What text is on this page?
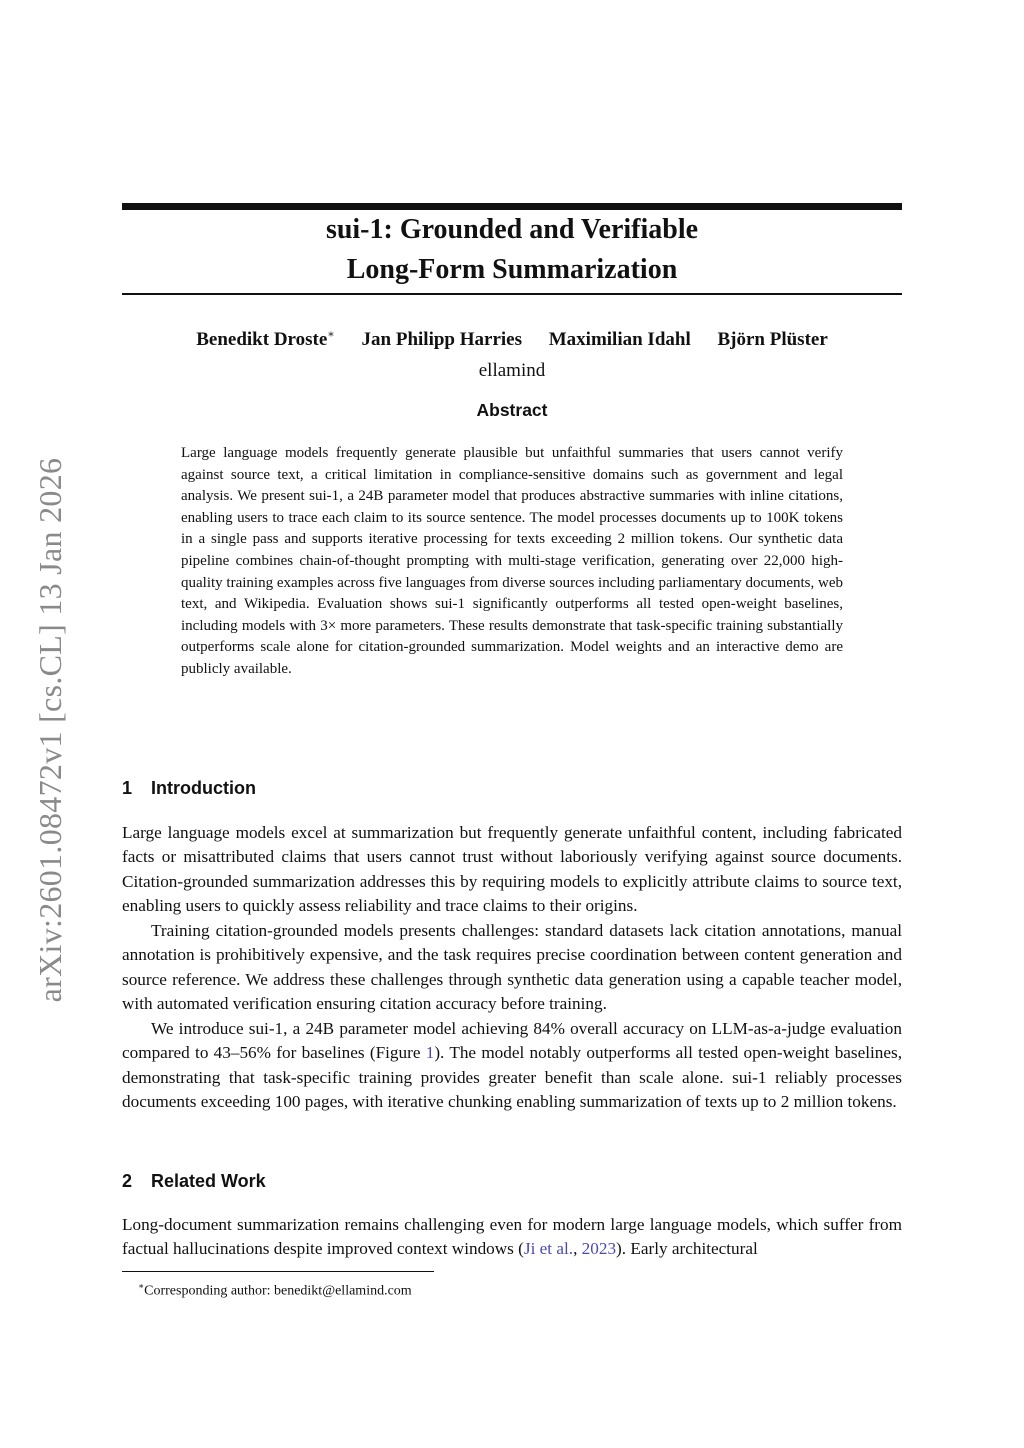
arXiv:2601.08472v1 [cs.CL] 13 Jan 2026
sui-1: Grounded and Verifiable
Long-Form Summarization
Benedikt Droste∗ Jan Philipp Harries Maximilian Idahl Björn Plüster
ellamind
Abstract

Large language models frequently generate plausible but unfaithful summaries that users cannot verify against source text, a critical limitation in compliance-sensitive domains such as government and legal analysis. We present sui-1, a 24B parameter model that produces abstractive summaries with inline citations, enabling users to trace each claim to its source sentence. The model processes documents up to 100K tokens in a single pass and supports iterative processing for texts exceeding 2 million tokens. Our synthetic data pipeline combines chain-of-thought prompting with multi-stage verification, generating over 22,000 high-quality training examples across five languages from diverse sources including parliamentary documents, web text, and Wikipedia. Evaluation shows sui-1 significantly outperforms all tested open-weight baselines, including models with 3× more parameters. These results demonstrate that task-specific training substantially outperforms scale alone for citation-grounded summarization. Model weights and an interactive demo are publicly available.

1 Introduction

Large language models excel at summarization but frequently generate unfaithful content, including fabricated facts or misattributed claims that users cannot trust without laboriously verifying against source documents. Citation-grounded summarization addresses this by requiring models to explicitly attribute claims to source text, enabling users to quickly assess reliability and trace claims to their origins.

Training citation-grounded models presents challenges: standard datasets lack citation annotations, manual annotation is prohibitively expensive, and the task requires precise coordination between content generation and source reference. We address these challenges through synthetic data generation using a capable teacher model, with automated verification ensuring citation accuracy before training.

We introduce sui-1, a 24B parameter model achieving 84% overall accuracy on LLM-as-a-judge evaluation compared to 43–56% for baselines (Figure 1). The model notably outperforms all tested open-weight baselines, demonstrating that task-specific training provides greater benefit than scale alone. sui-1 reliably processes documents exceeding 100 pages, with iterative chunking enabling summarization of texts up to 2 million tokens.

2 Related Work

Long-document summarization remains challenging even for modern large language models, which suffer from factual hallucinations despite improved context windows (Ji et al., 2023). Early architectural

∗Corresponding author: benedikt@ellamind.com
